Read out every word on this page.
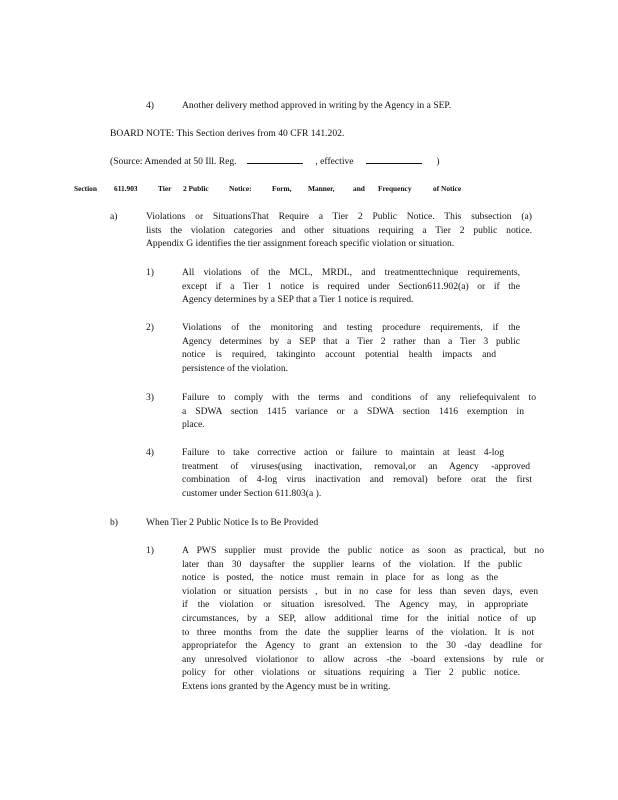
4)	Another delivery method approved in writing by the Agency in a SEP.
BOARD NOTE: This Section derives from 40 CFR 141.202.
(Source: Amended at 50 Ill. Reg.	, effective	)
Section 611.903	Tier 2 Public	Notice:	Form, Manner, and Frequency	of Notice
a)	Violations or SituationsThat Require a Tier 2 Public Notice. This subsection (a)
lists the violation categories and other situations requiring a Tier 2 public notice.
Appendix G identifies the tier assignment foreach specific violation or situation.
1)	All violations of the MCL, MRDL, and treatmenttechnique requirements,
except if a Tier 1 notice is required under Section611.902(a) or if the
Agency determines by a SEP that a Tier 1 notice is required.
2)	Violations of the monitoring and testing procedure requirements, if the
Agency determines by a SEP that a Tier 2 rather than a Tier 3 public
notice is required, takinginto account potential health impacts and
persistence of the violation.
3)	Failure to comply with the terms and conditions of any reliefequivalent to
a SDWA section 1415 variance or a SDWA section 1416 exemption in
place.
4)	Failure to take corrective action or failure to maintain at least 4-log
treatment of viruses(using inactivation, removal,or an Agency -approved
combination of 4-log virus inactivation and removal) before orat the first
customer under Section 611.803(a ).
b)	When Tier 2 Public Notice Is to Be Provided
1)	A PWS supplier must provide the public notice as soon as practical, but no
later than 30 daysafter the supplier learns of the violation. If the public
notice is posted, the notice must remain in place for as long as the
violation or situation persists , but in no case for less than seven days, even
if the violation or situation isresolved. The Agency may, in appropriate
circumstances, by a SEP, allow additional time for the initial notice of up
to three months from the date the supplier learns of the violation. It is not
appropriatefor the Agency to grant an extension to the 30 -day deadline for
any unresolved violationor to allow across -the -board extensions by rule or
policy for other violations or situations requiring a Tier 2 public notice.
Extens ions granted by the Agency must be in writing.
